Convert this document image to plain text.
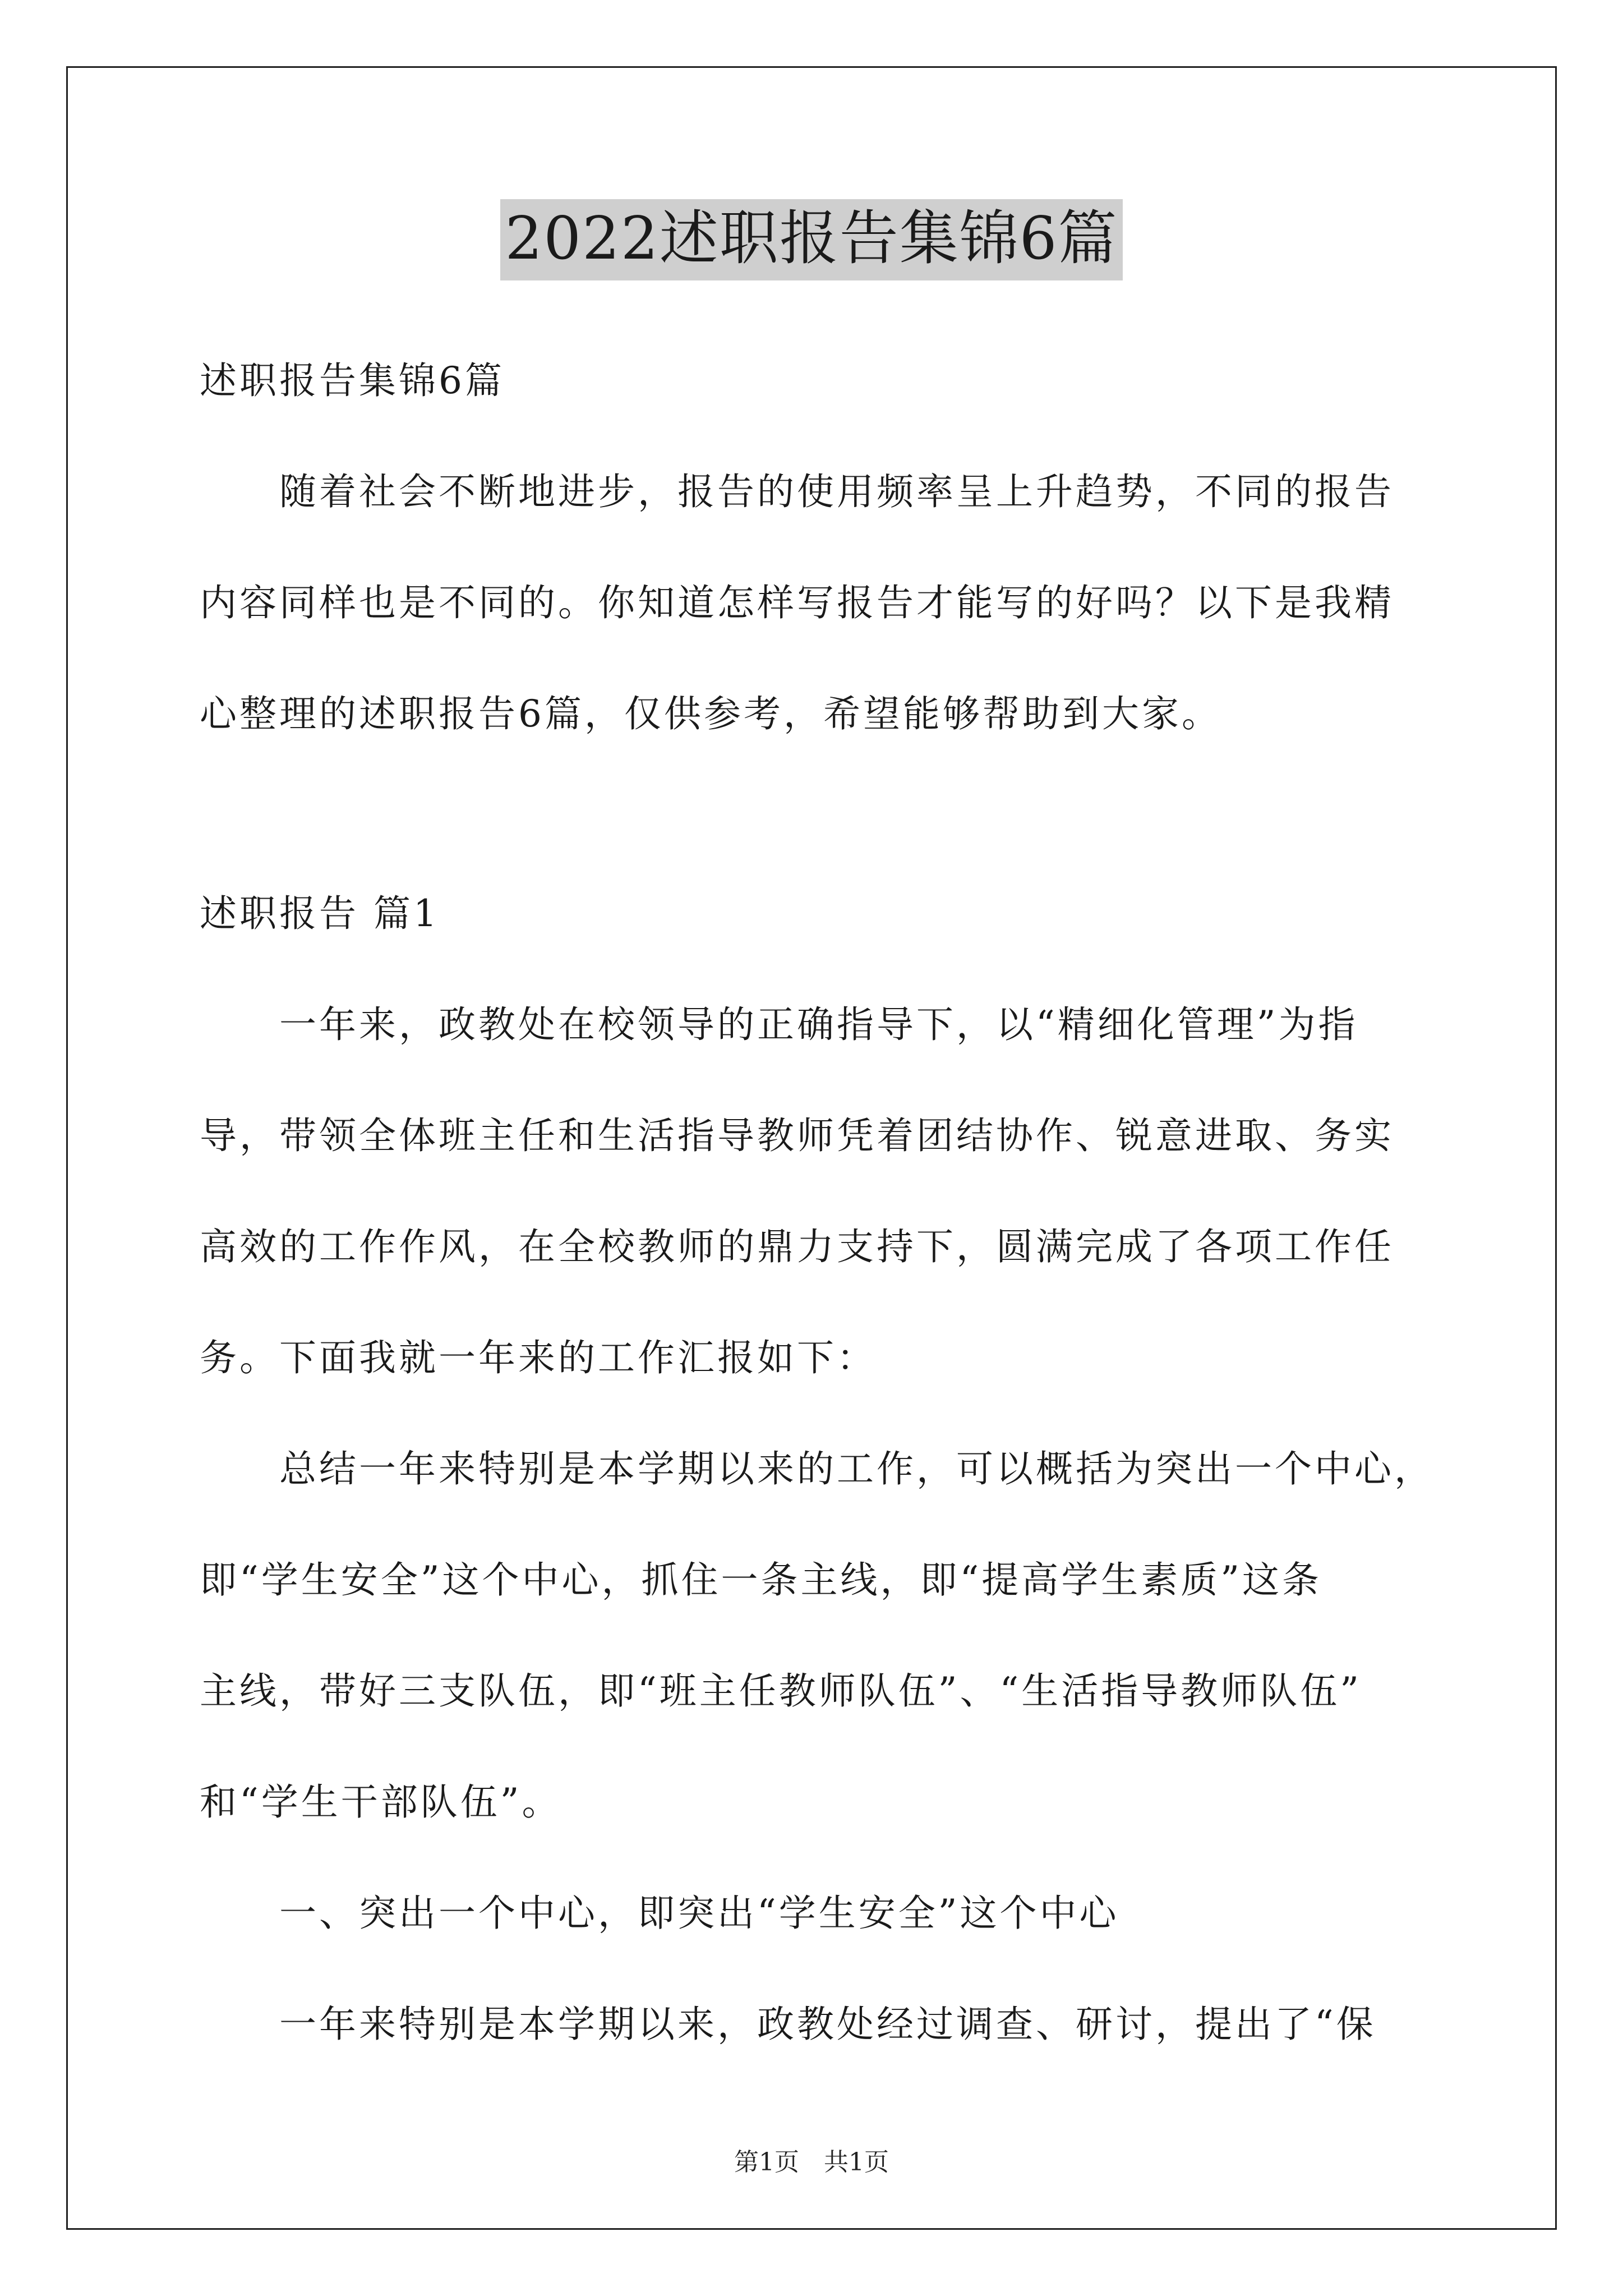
2022述职报告集锦6篇

述职报告集锦6篇

　　随着社会不断地进步，报告的使用频率呈上升趋势，不同的报告

内容同样也是不同的。你知道怎样写报告才能写的好吗？以下是我精

心整理的述职报告6篇，仅供参考，希望能够帮助到大家。

述职报告 篇1

　　一年来，政教处在校领导的正确指导下，以“精细化管理”为指

导，带领全体班主任和生活指导教师凭着团结协作、锐意进取、务实

高效的工作作风，在全校教师的鼎力支持下，圆满完成了各项工作任

务。下面我就一年来的工作汇报如下：

　　总结一年来特别是本学期以来的工作，可以概括为突出一个中心，

即“学生安全”这个中心，抓住一条主线，即“提高学生素质”这条

主线，带好三支队伍，即“班主任教师队伍”、“生活指导教师队伍”

和“学生干部队伍”。

　　一、突出一个中心，即突出“学生安全”这个中心

　　一年来特别是本学期以来，政教处经过调查、研讨，提出了“保

第1页　共1页
